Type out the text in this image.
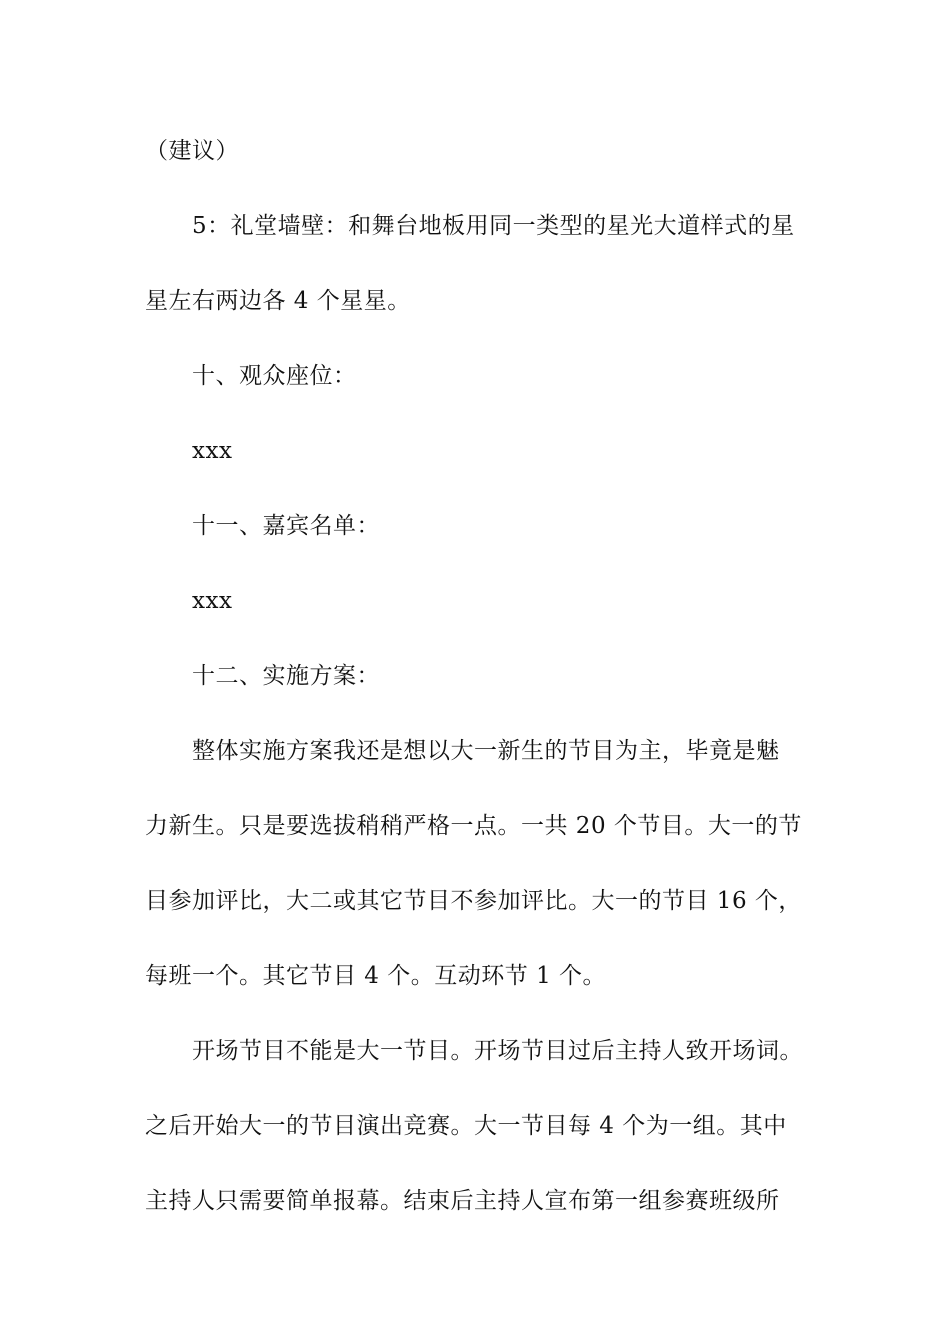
（建议）
5：礼堂墙壁：和舞台地板用同一类型的星光大道样式的星
星左右两边各 4 个星星。
十、观众座位：
xxx
十一、嘉宾名单：
xxx
十二、实施方案：
整体实施方案我还是想以大一新生的节目为主，毕竟是魅
力新生。只是要选拔稍稍严格一点。一共 20 个节目。大一的节
目参加评比，大二或其它节目不参加评比。大一的节目 16 个，
每班一个。其它节目 4 个。互动环节 1 个。
开场节目不能是大一节目。开场节目过后主持人致开场词。
之后开始大一的节目演出竞赛。大一节目每 4 个为一组。其中
主持人只需要简单报幕。结束后主持人宣布第一组参赛班级所
